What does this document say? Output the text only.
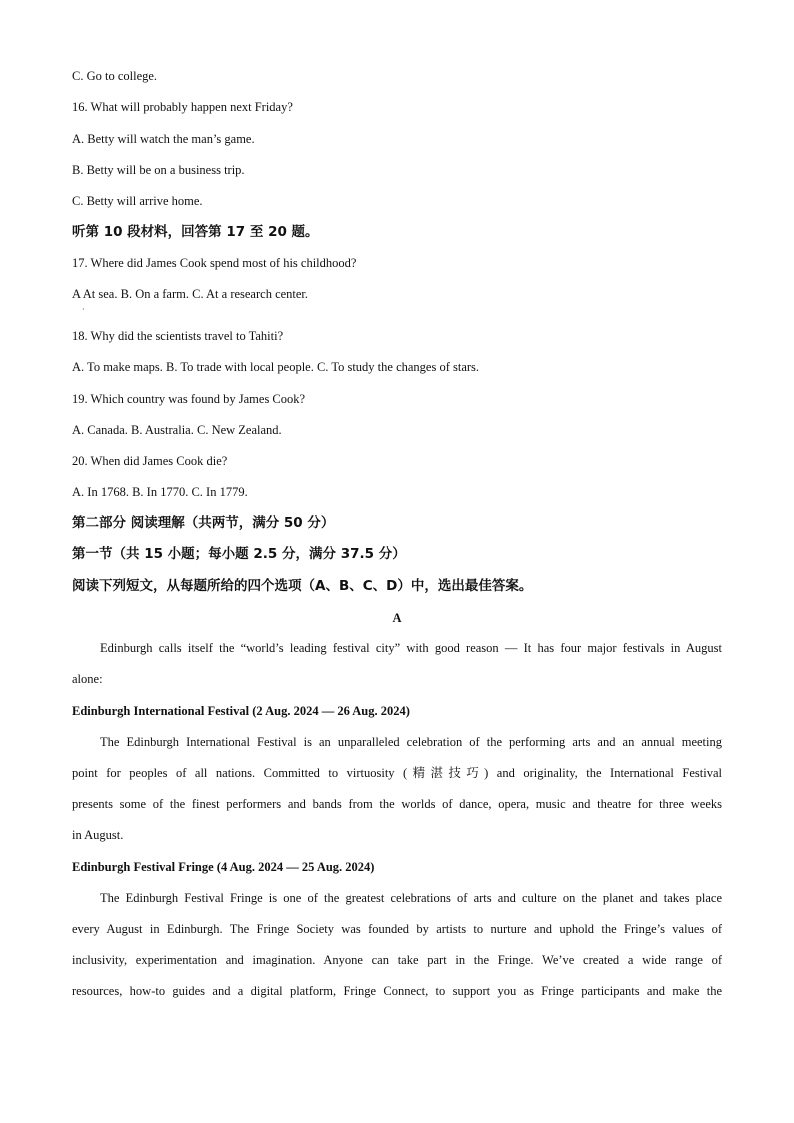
C. Go to college.
16. What will probably happen next Friday?
A. Betty will watch the man’s game.
B. Betty will be on a business trip.
C. Betty will arrive home.
听第 10 段材料，回答第 17 至 20 题。
17. Where did James Cook spend most of his childhood?
A At sea. B. On a farm. C. At a research center.
·
18. Why did the scientists travel to Tahiti?
A. To make maps. B. To trade with local people. C. To study the changes of stars.
19. Which country was found by James Cook?
A. Canada. B. Australia. C. New Zealand.
20. When did James Cook die?
A. In 1768. B. In 1770. C. In 1779.
第二部分 阅读理解（共两节，满分 50 分）
第一节（共 15 小题；每小题 2.5 分，满分 37.5 分）
阅读下列短文，从每题所给的四个选项（A、B、C、D）中，选出最佳答案。
A
Edinburgh calls itself the “world’s leading festival city” with good reason — It has four major festivals in August
alone:
Edinburgh International Festival (2 Aug. 2024 — 26 Aug. 2024)
The Edinburgh International Festival is an unparalleled celebration of the performing arts and an annual meeting
point for peoples of all nations. Committed to virtuosity (精湛技巧) and originality, the International Festival
presents some of the finest performers and bands from the worlds of dance, opera, music and theatre for three weeks
in August.
Edinburgh Festival Fringe (4 Aug. 2024 — 25 Aug. 2024)
The Edinburgh Festival Fringe is one of the greatest celebrations of arts and culture on the planet and takes place
every August in Edinburgh. The Fringe Society was founded by artists to nurture and uphold the Fringe’s values of
inclusivity, experimentation and imagination. Anyone can take part in the Fringe. We’ve created a wide range of
resources, how-to guides and a digital platform, Fringe Connect, to support you as Fringe participants and make the
